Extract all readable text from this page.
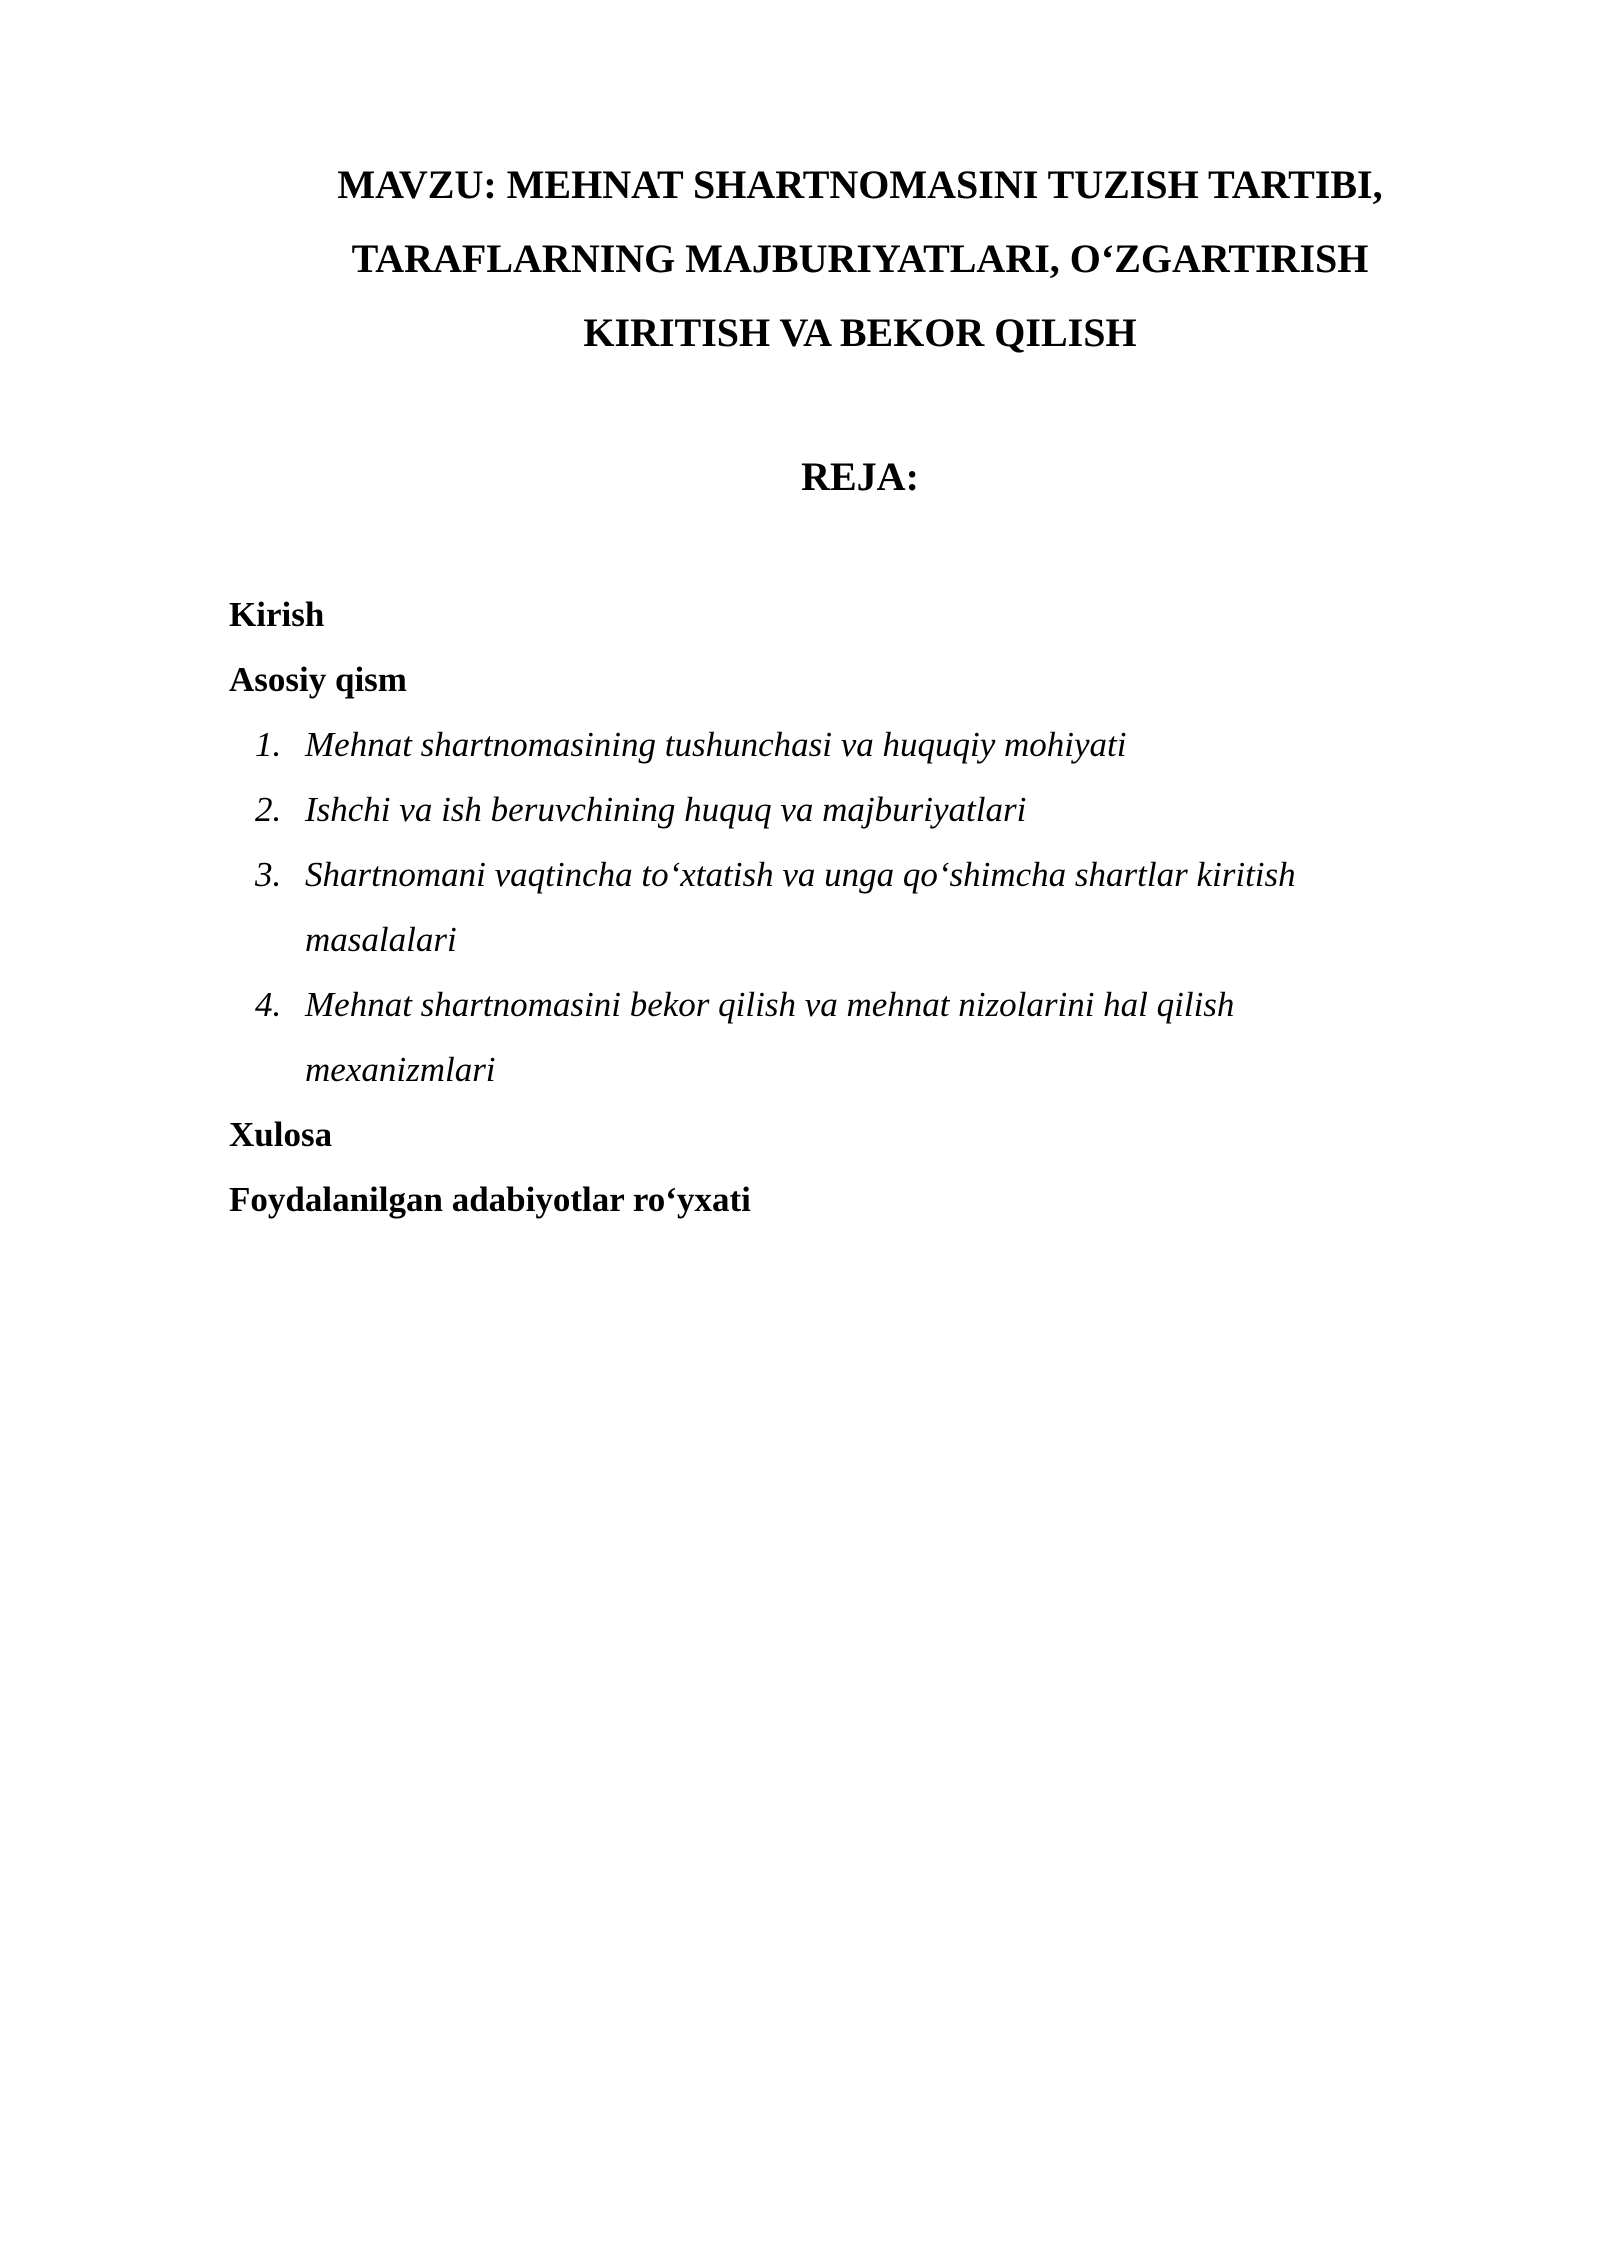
MAVZU: MEHNAT SHARTNOMASINI TUZISH TARTIBI,
TARAFLARNING MAJBURIYATLARI, O‘ZGARTIRISH
KIRITISH VA BEKOR QILISH
REJA:
Kirish
Asosiy qism
1. Mehnat shartnomasining tushunchasi va huquqiy mohiyati
2. Ishchi va ish beruvchining huquq va majburiyatlari
3. Shartnomani vaqtincha to‘xtatish va unga qo‘shimcha shartlar kiritish
masalalari
4. Mehnat shartnomasini bekor qilish va mehnat nizolarini hal qilish
mexanizmlari
Xulosa
Foydalanilgan adabiyotlar ro‘yxati
